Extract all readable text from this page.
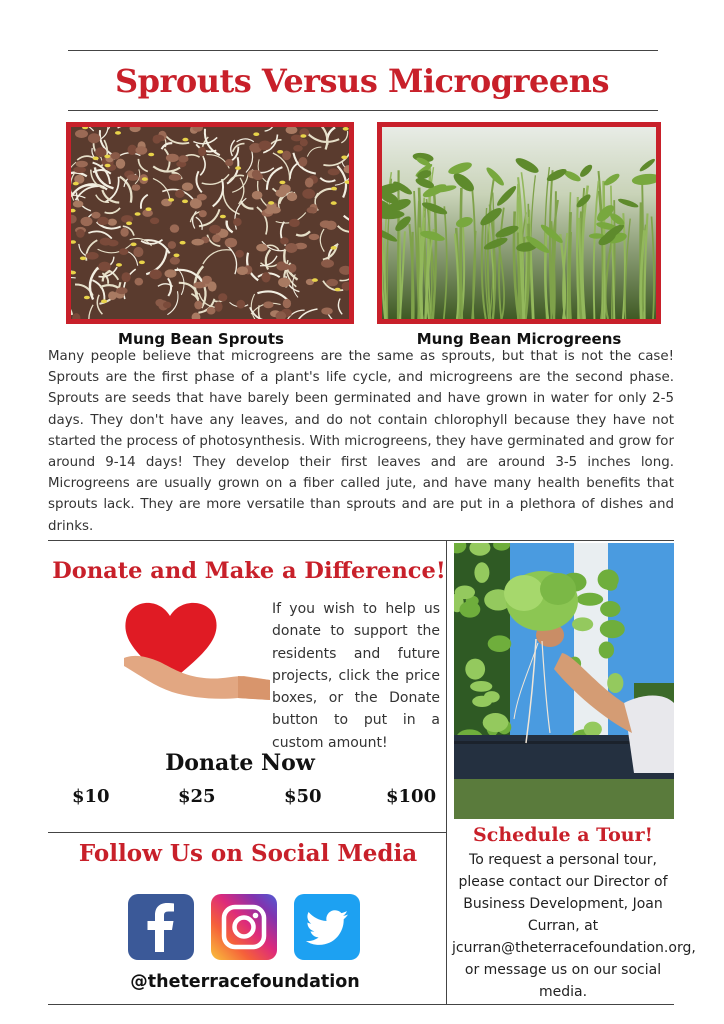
Sprouts Versus Microgreens
Mung Bean Sprouts	Mung Bean Microgreens
Many people believe that microgreens are the same as sprouts, but that is not the case! Sprouts are the first phase of a plant's life cycle, and microgreens are the second phase. Sprouts are seeds that have barely been germinated and have grown in water for only 2-5 days. They don't have any leaves, and do not contain chlorophyll because they have not started the process of photosynthesis. With microgreens, they have germinated and grow for around 9-14 days! They develop their first leaves and are around 3-5 inches long. Microgreens are usually grown on a fiber called jute, and have many health benefits that sprouts lack. They are more versatile than sprouts and are put in a plethora of dishes and drinks.
Donate and Make a Difference!
If you wish to help us donate to support the residents and future projects, click the price boxes, or the Donate button to put in a custom amount!
Donate Now
$10	$25	$50	$100
Follow Us on Social Media
@theterracefoundation
Schedule a Tour!
To request a personal tour, please contact our Director of Business Development, Joan Curran, at jcurran@theterracefoundation.org, or message us on our social media.
